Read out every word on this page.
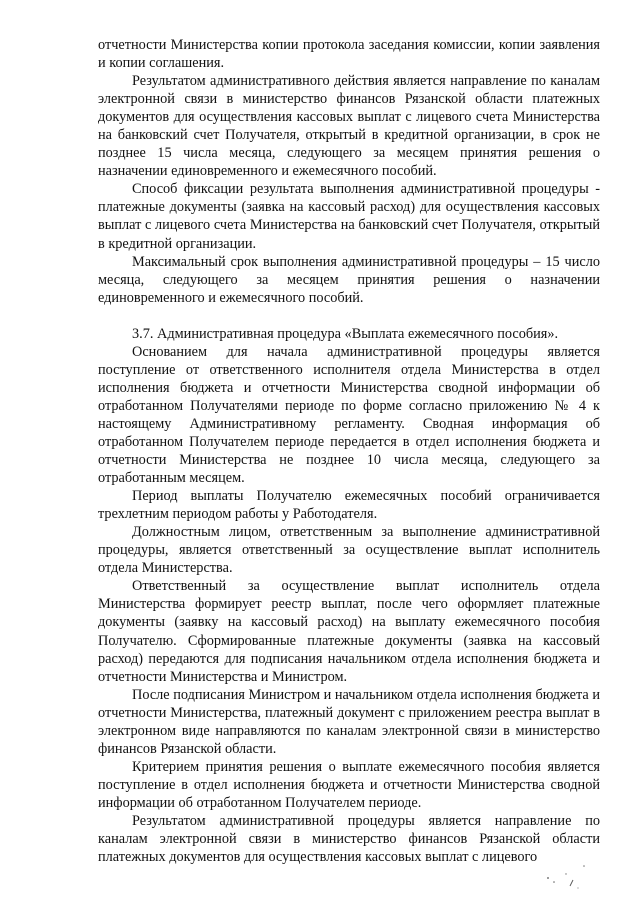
отчетности Министерства копии протокола заседания комиссии, копии заявления и копии соглашения.

Результатом административного действия является направление по каналам электронной связи в министерство финансов Рязанской области платежных документов для осуществления кассовых выплат с лицевого счета Министерства на банковский счет Получателя, открытый в кредитной организации, в срок не позднее 15 числа месяца, следующего за месяцем принятия решения о назначении единовременного и ежемесячного пособий.

Способ фиксации результата выполнения административной процедуры - платежные документы (заявка на кассовый расход) для осуществления кассовых выплат с лицевого счета Министерства на банковский счет Получателя, открытый в кредитной организации.

Максимальный срок выполнения административной процедуры – 15 число месяца, следующего за месяцем принятия решения о назначении единовременного и ежемесячного пособий.

3.7. Административная процедура «Выплата ежемесячного пособия».

Основанием для начала административной процедуры является поступление от ответственного исполнителя отдела Министерства в отдел исполнения бюджета и отчетности Министерства сводной информации об отработанном Получателями периоде по форме согласно приложению № 4 к настоящему Административному регламенту. Сводная информация об отработанном Получателем периоде передается в отдел исполнения бюджета и отчетности Министерства не позднее 10 числа месяца, следующего за отработанным месяцем.

Период выплаты Получателю ежемесячных пособий ограничивается трехлетним периодом работы у Работодателя.

Должностным лицом, ответственным за выполнение административной процедуры, является ответственный за осуществление выплат исполнитель отдела Министерства.

Ответственный за осуществление выплат исполнитель отдела Министерства формирует реестр выплат, после чего оформляет платежные документы (заявку на кассовый расход) на выплату ежемесячного пособия Получателю. Сформированные платежные документы (заявка на кассовый расход) передаются для подписания начальником отдела исполнения бюджета и отчетности Министерства и Министром.

После подписания Министром и начальником отдела исполнения бюджета и отчетности Министерства, платежный документ с приложением реестра выплат в электронном виде направляются по каналам электронной связи в министерство финансов Рязанской области.

Критерием принятия решения о выплате ежемесячного пособия является поступление в отдел исполнения бюджета и отчетности Министерства сводной информации об отработанном Получателем периоде.

Результатом административной процедуры является направление по каналам электронной связи в министерство финансов Рязанской области платежных документов для осуществления кассовых выплат с лицевого
